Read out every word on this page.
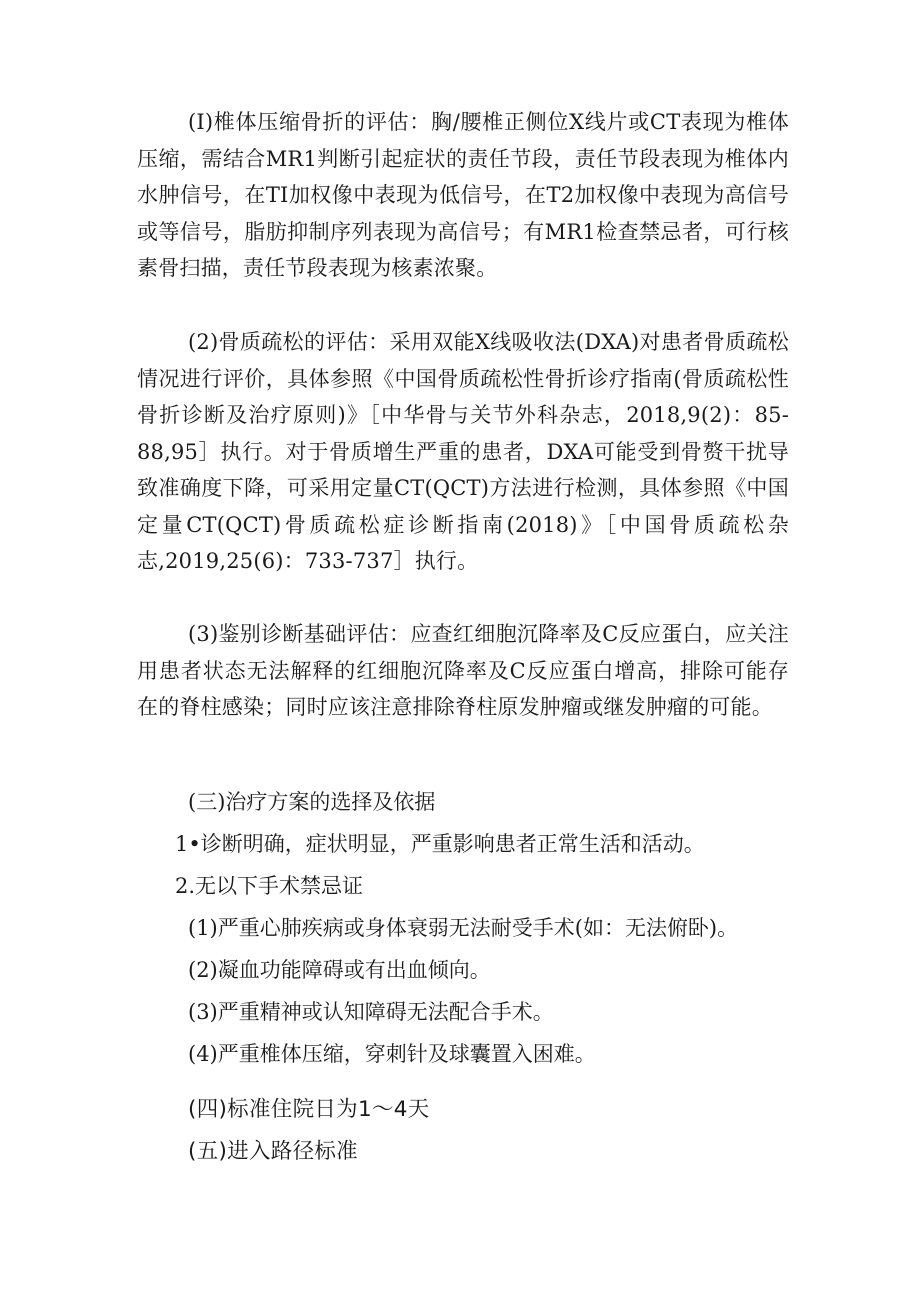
(I)椎体压缩骨折的评估：胸/腰椎正侧位X线片或CT表现为椎体压缩，需结合MR1判断引起症状的责任节段，责任节段表现为椎体内水肿信号，在TI加权像中表现为低信号，在T2加权像中表现为高信号或等信号，脂肪抑制序列表现为高信号；有MR1检查禁忌者，可行核素骨扫描，责任节段表现为核素浓聚。

(2)骨质疏松的评估：采用双能X线吸收法(DXA)对患者骨质疏松情况进行评价，具体参照《中国骨质疏松性骨折诊疗指南(骨质疏松性骨折诊断及治疗原则)》［中华骨与关节外科杂志，2018,9(2)：85-88,95］执行。对于骨质增生严重的患者，DXA可能受到骨赘干扰导致准确度下降，可采用定量CT(QCT)方法进行检测，具体参照《中国定量CT(QCT)骨质疏松症诊断指南(2018)》［中国骨质疏松杂志,2019,25(6)：733-737］执行。

(3)鉴别诊断基础评估：应查红细胞沉降率及C反应蛋白，应关注用患者状态无法解释的红细胞沉降率及C反应蛋白增高，排除可能存在的脊柱感染；同时应该注意排除脊柱原发肿瘤或继发肿瘤的可能。

(三)治疗方案的选择及依据

1•诊断明确，症状明显，严重影响患者正常生活和活动。

2.无以下手术禁忌证

(1)严重心肺疾病或身体衰弱无法耐受手术(如：无法俯卧)。

(2)凝血功能障碍或有出血倾向。

(3)严重精神或认知障碍无法配合手术。

(4)严重椎体压缩，穿刺针及球囊置入困难。

(四)标准住院日为1〜4天

(五)进入路径标准
